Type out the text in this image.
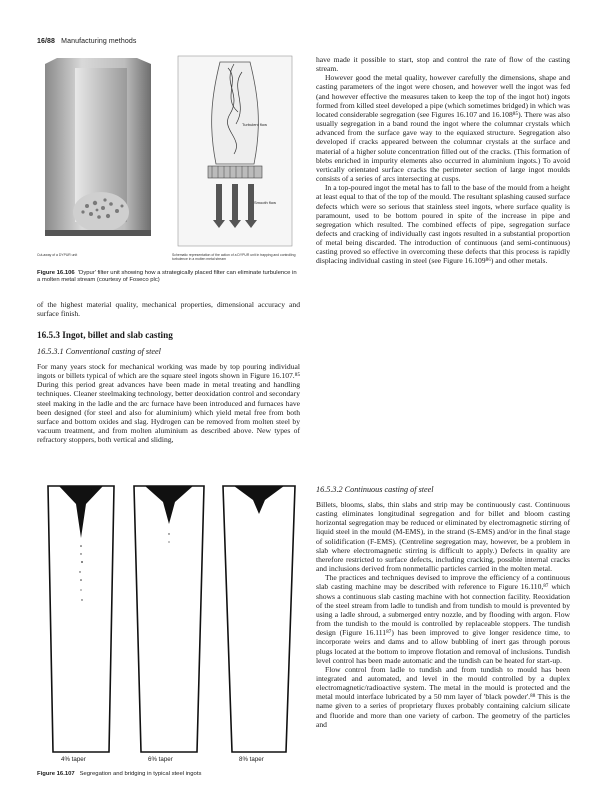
16/88 Manufacturing methods
Cut-away of a DYPUR unit
Turbulent flow
Smooth flow
Schematic representation of the action of a DYPUR unit in trapping and controlling turbulence in a molten metal stream
Figure 16.106 'Dypur' filter unit showing how a strategically placed filter can eliminate turbulence in a molten metal stream (courtesy of Foseco plc)

of the highest material quality, mechanical properties, dimensional accuracy and surface finish.

16.5.3 Ingot, billet and slab casting
16.5.3.1 Conventional casting of steel

For many years stock for mechanical working was made by top pouring individual ingots or billets typical of which are the square steel ingots shown in Figure 16.107.⁸⁵ During this period great advances have been made in metal treating and handling techniques. Cleaner steelmaking technology, better deoxidation control and secondary steel making in the ladle and the arc furnace have been introduced and furnaces have been designed (for steel and also for aluminium) which yield metal free from both surface and bottom oxides and slag. Hydrogen can be removed from molten steel by vacuum treatment, and from molten aluminium as described above. New types of refractory stoppers, both vertical and sliding,

4% taper	6% taper	8% taper
Figure 16.107 Segregation and bridging in typical steel ingots

have made it possible to start, stop and control the rate of flow of the casting stream.

However good the metal quality, however carefully the dimensions, shape and casting parameters of the ingot were chosen, and however well the ingot was fed (and however effective the measures taken to keep the top of the ingot hot) ingots formed from killed steel developed a pipe (which sometimes bridged) in which was located considerable segregation (see Figures 16.107 and 16.108⁸⁵). There was also usually segregation in a band round the ingot where the columnar crystals which advanced from the surface gave way to the equiaxed structure. Segregation also developed if cracks appeared between the columnar crystals at the surface and material of a higher solute concentration filled out of the cracks. (This formation of blebs enriched in impurity elements also occurred in aluminium ingots.) To avoid vertically orientated surface cracks the perimeter section of large ingot moulds consists of a series of arcs intersecting at cusps.

In a top-poured ingot the metal has to fall to the base of the mould from a height at least equal to that of the top of the mould. The resultant splashing caused surface defects which were so serious that stainless steel ingots, where surface quality is paramount, used to be bottom poured in spite of the increase in pipe and segregation which resulted. The combined effects of pipe, segregation surface defects and cracking of individually cast ingots resulted in a substantial proportion of metal being discarded. The introduction of continuous (and semi-continuous) casting proved so effective in overcoming these defects that this process is rapidly displacing individual casting in steel (see Figure 16.109⁸⁶) and other metals.

16.5.3.2 Continuous casting of steel

Billets, blooms, slabs, thin slabs and strip may be continuously cast. Continuous casting eliminates longitudinal segregation and for billet and bloom casting horizontal segregation may be reduced or eliminated by electromagnetic stirring of liquid steel in the mould (M-EMS), in the strand (S-EMS) and/or in the final stage of solidification (F-EMS). (Centreline segregation may, however, be a problem in slab where electromagnetic stirring is difficult to apply.) Defects in quality are therefore restricted to surface defects, including cracking, possible internal cracks and inclusions derived from nonmetallic particles carried in the molten metal.

The practices and techniques devised to improve the efficiency of a continuous slab casting machine may be described with reference to Figure 16.110,⁸⁷ which shows a continuous slab casting machine with hot connection facility. Reoxidation of the steel stream from ladle to tundish and from tundish to mould is prevented by using a ladle shroud, a submerged entry nozzle, and by flooding with argon. Flow from the tundish to the mould is controlled by replaceable stoppers. The tundish design (Figure 16.111⁸⁷) has been improved to give longer residence time, to incorporate weirs and dams and to allow bubbling of inert gas through porous plugs located at the bottom to improve flotation and removal of inclusions. Tundish level control has been made automatic and the tundish can be heated for start-up.

Flow control from ladle to tundish and from tundish to mould has been integrated and automated, and level in the mould controlled by a duplex electromagnetic/radioactive system. The metal in the mould is protected and the metal mould interface lubricated by a 50 mm layer of 'black powder'.⁸⁸ This is the name given to a series of proprietary fluxes probably containing calcium silicate and fluoride and more than one variety of carbon. The geometry of the particles and
